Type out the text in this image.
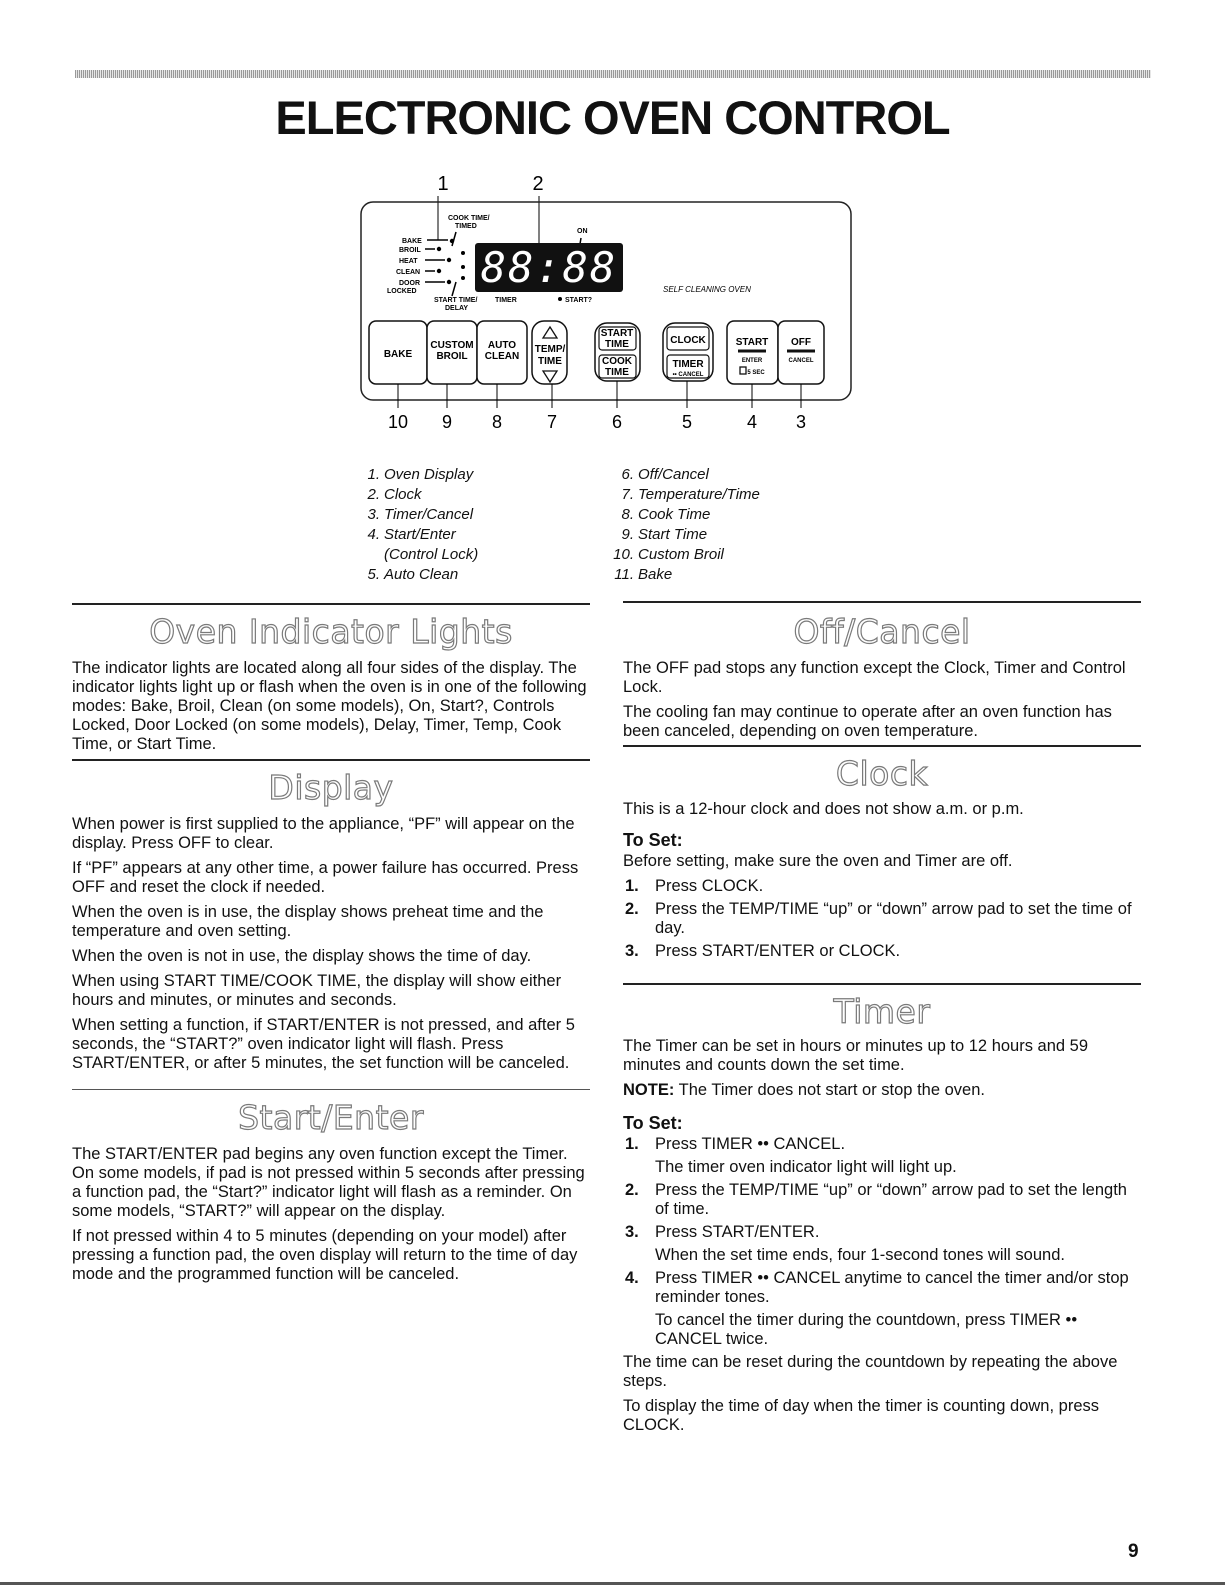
ELECTRONIC OVEN CONTROL
1	2
COOK TIME/
TIMED
ON
BAKE
BROIL
HEAT
CLEAN
DOOR
LOCKED
START TIME/
DELAY
TIMER	START?
88:88	SELF CLEANING OVEN
BAKE
CUSTOM
BROIL
AUTO
CLEAN
TEMP/
TIME
START
TIME
COOK
TIME
CLOCK
TIMER
START OFF
•• CANCEL
ENTER
5 SEC
CANCEL
10 9 8 7	6	5	4 3
1. Oven Display
2. Clock
3. Timer/Cancel
4. Start/Enter
(Control Lock)
5. Auto Clean
6. Off/Cancel
7. Temperature/Time
8. Cook Time
9. Start Time
10. Custom Broil
11. Bake
Oven Indicator Lights

The indicator lights are located along all four sides of the display. The indicator lights light up or flash when the oven is in one of the following modes: Bake, Broil, Clean (on some models), On, Start?, Controls Locked, Door Locked (on some models), Delay, Timer, Temp, Cook Time, or Start Time.

Display

When power is first supplied to the appliance, “PF” will appear on the display. Press OFF to clear.

If “PF” appears at any other time, a power failure has occurred. Press OFF and reset the clock if needed.

When the oven is in use, the display shows preheat time and the temperature and oven setting.

When the oven is not in use, the display shows the time of day.

When using START TIME/COOK TIME, the display will show either hours and minutes, or minutes and seconds.

When setting a function, if START/ENTER is not pressed, and after 5 seconds, the “START?” oven indicator light will flash. Press START/ENTER, or after 5 minutes, the set function will be canceled.

Start/Enter

The START/ENTER pad begins any oven function except the Timer. On some models, if pad is not pressed within 5 seconds after pressing a function pad, the “Start?” indicator light will flash as a reminder. On some models, “START?” will appear on the display.

If not pressed within 4 to 5 minutes (depending on your model) after pressing a function pad, the oven display will return to the time of day mode and the programmed function will be canceled.

Off/Cancel

The OFF pad stops any function except the Clock, Timer and Control Lock.

The cooling fan may continue to operate after an oven function has been canceled, depending on oven temperature.

Clock

This is a 12-hour clock and does not show a.m. or p.m.

To Set:

Before setting, make sure the oven and Timer are off.

1. Press CLOCK.
2. Press the TEMP/TIME “up” or “down” arrow pad to set the time of day.
3. Press START/ENTER or CLOCK.
Timer

The Timer can be set in hours or minutes up to 12 hours and 59 minutes and counts down the set time.

NOTE: The Timer does not start or stop the oven.

To Set:
1. Press TIMER •• CANCEL.
The timer oven indicator light will light up.
2. Press the TEMP/TIME “up” or “down” arrow pad to set the length of time.
3. Press START/ENTER.
When the set time ends, four 1-second tones will sound.
4. Press TIMER •• CANCEL anytime to cancel the timer and/or stop reminder tones.
To cancel the timer during the countdown, press TIMER •• CANCEL twice.

The time can be reset during the countdown by repeating the above steps.

To display the time of day when the timer is counting down, press CLOCK.

9
